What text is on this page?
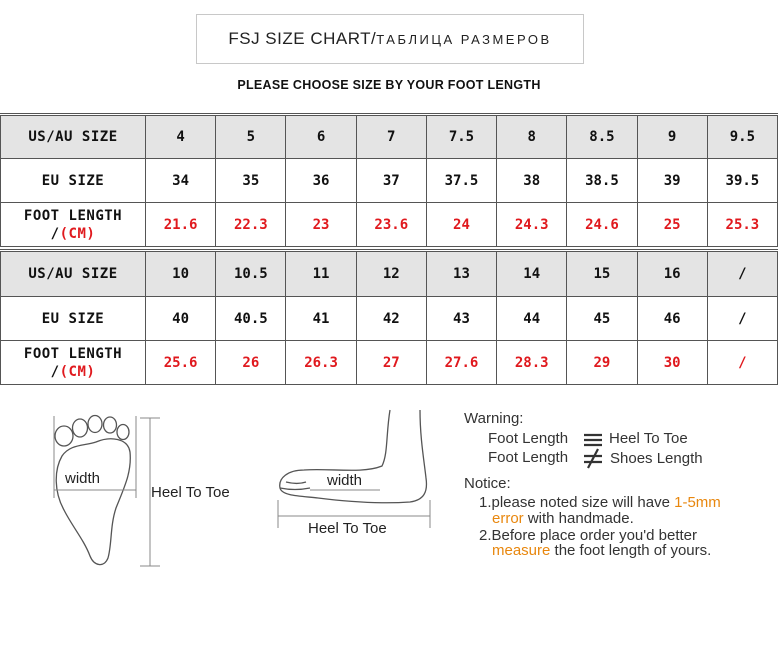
FSJ SIZE CHART/ ТАБЛИЦА РАЗМЕРОВ
PLEASE CHOOSE SIZE BY YOUR FOOT LENGTH
US/AU SIZE	4	5	6	7	7.5	8	8.5	9	9.5
EU SIZE	34	35	36	37	37.5	38	38.5	39	39.5

FOOT LENGTH
/(CM)	21.6	22.3	23	23.6	24	24.3	24.6	25	25.3
US/AU SIZE	10	10.5	11	12	13	14	15	16	/
EU SIZE	40	40.5	41	42	43	44	45	46	/

FOOT LENGTH
/(CM)	25.6	26	26.3	27	27.6	28.3	29	30	/
width
Heel To Toe
width
Heel To Toe
Warning:
Foot Length	Heel To Toe
Foot Length	Shoes Length
Notice:
1.please noted size will have 1-5mm
error with handmade.
2.Before place order you'd better
measure the foot length of yours.
